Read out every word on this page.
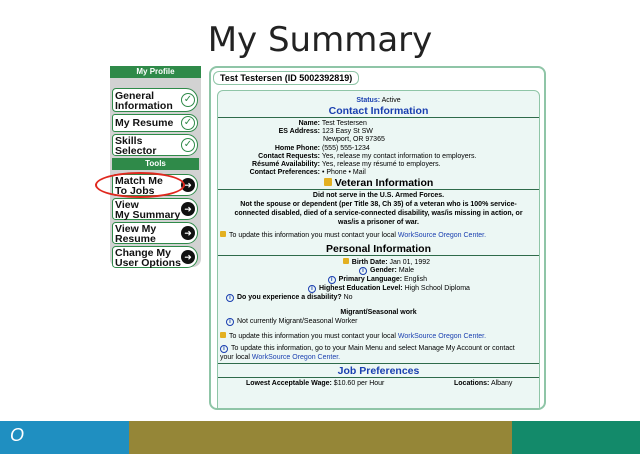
My Summary
My Profile
General
Information
✓
My Resume ✓
Skills
Selector
✓
Tools
Match Me
To Jobs	➜
View
My Summary ➜
View My
Resume	➜
Change My
User Options ➜
Test Testersen (ID 5002392819)
Status: Active
Contact Information
Name: Test Testersen
ES Address: 123 Easy St SW
Newport, OR 97365
Home Phone: (555) 555-1234
Contact Requests: Yes, release my contact information to employers.
Résumé Availability: Yes, release my résumé to employers.
Contact Preferences: • Phone • Mail
Veteran Information
Did not serve in the U.S. Armed Forces.
Not the spouse or dependent (per Title 38, Ch 35) of a veteran who is 100% service-
connected disabled, died of a service-connected disability, was/is missing in action, or
was/is a prisoner of war.
To update this information you must contact your local WorkSource Oregon Center.
Personal Information
Birth Date: Jan 01, 1992
i Gender: Male
i Primary Language: English
i Highest Education Level: High School Diploma
i Do you experience a disability? No
Migrant/Seasonal work
i Not currently Migrant/Seasonal Worker
To update this information you must contact your local WorkSource Oregon Center.
i To update this information, go to your Main Menu and select Manage My Account or contact
your local WorkSource Oregon Center.
Job Preferences
Lowest Acceptable Wage: $10.60 per Hour	Locations: Albany
O
